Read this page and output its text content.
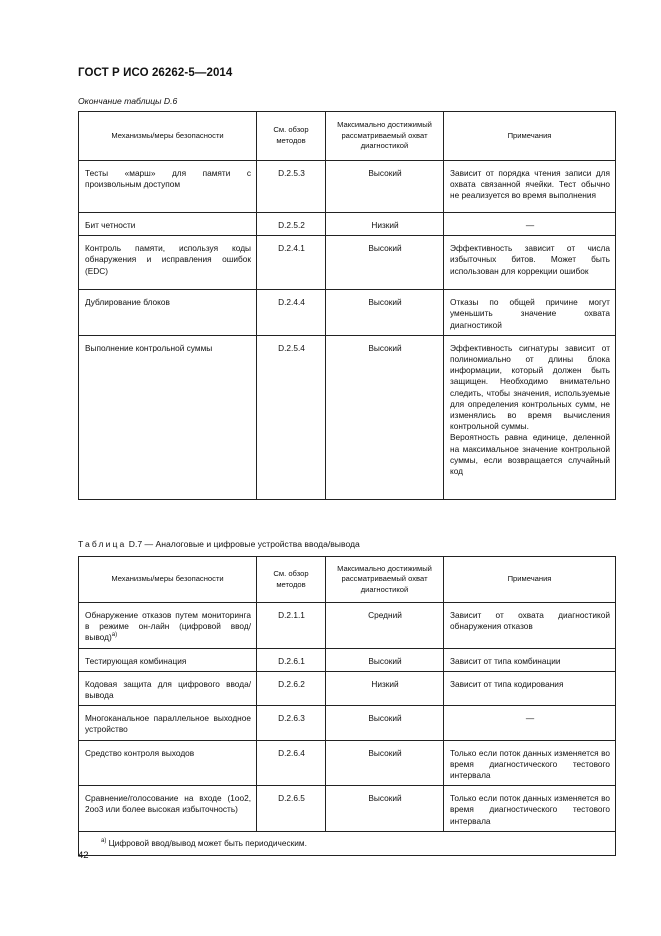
ГОСТ Р ИСО 26262-5—2014
Окончание таблицы D.6
Механизмы/меры безопасности	См. обзор методов	Максимально достижимый рассматриваемый охват диагностикой	Примечания
Тесты «марш» для памяти с произвольным доступом	D.2.5.3	Высокий	Зависит от порядка чтения записи для охвата связанной ячейки. Тест обычно не реализуется во время выполнения
Бит четности	D.2.5.2	Низкий	—
Контроль памяти, используя коды обнаружения и исправления ошибок (EDC)	D.2.4.1	Высокий	Эффективность зависит от числа избыточных битов. Может быть использован для коррекции ошибок
Дублирование блоков	D.2.4.4	Высокий	Отказы по общей причине могут уменьшить значение охвата диагностикой
Выполнение контрольной суммы	D.2.5.4	Высокий	Эффективность сигнатуры зависит от полиномиально от длины блока информации, который должен быть защищен. Необходимо внимательно следить, чтобы значения, используемые для определения контрольных сумм, не изменялись во время вычисления контрольной суммы.
Вероятность равна единице, деленной на максимальное значение контрольной суммы, если возвращается случайный код
Таблица D.7 — Аналоговые и цифровые устройства ввода/вывода
Механизмы/меры безопасности	См. обзор методов	Максимально достижимый рассматриваемый охват диагностикой	Примечания
Обнаружение отказов путем мониторинга в режиме он-лайн (цифровой ввод/вывод)$^{a)}$	D.2.1.1	Средний	Зависит от охвата диагностикой обнаружения отказов
Тестирующая комбинация	D.2.6.1	Высокий	Зависит от типа комбинации
Кодовая защита для цифрового ввода/вывода	D.2.6.2	Низкий	Зависит от типа кодирования
Многоканальное параллельное выходное устройство	D.2.6.3	Высокий	—
Средство контроля выходов	D.2.6.4	Высокий	Только если поток данных изменяется во время диагностического тестового интервала
Сравнение/голосование на входе (1oo2, 2oo3 или более высокая избыточность)	D.2.6.5	Высокий	Только если поток данных изменяется во время диагностического тестового интервала
$^{a)}$ Цифровой ввод/вывод может быть периодическим.			
42
